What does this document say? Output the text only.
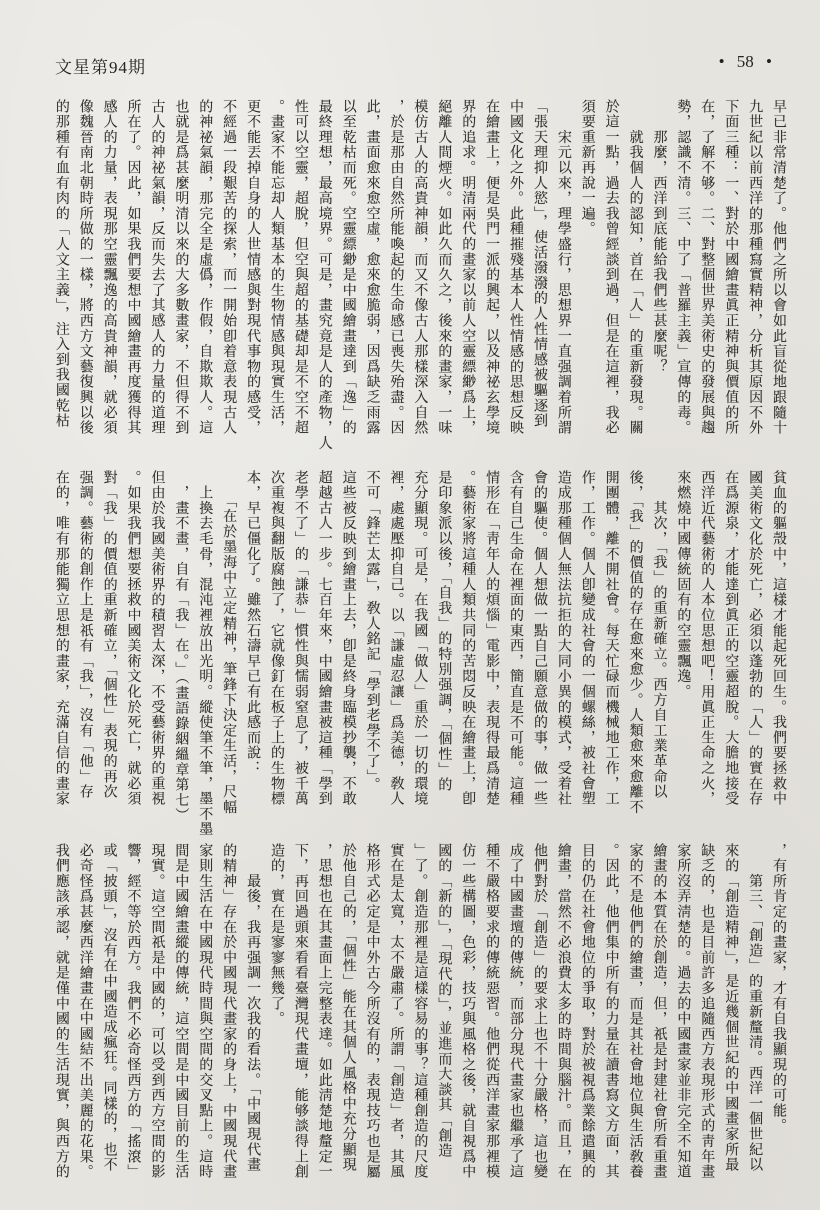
文星第94期	• 58 •
早已非常清楚了。他們之所以會如此盲從地跟隨十
九世紀以前西洋的那種寫實精神，分析其原因不外
下面三種：一、對於中國繪畫眞正精神與價值的所
在，了解不够。二、對整個世界美術史的發展與趨
勢，認識不清。三、中了「普羅主義」宣傳的毒。
　　那麼，西洋到底能給我們些甚麼呢？
　　就我個人的認知，首在「人」的重新發現。關
於這一點，過去我曾經談到過，但是在這裡，我必
須要重新再說一遍。
　　宋元以來，理學盛行，思想界一直强調着所謂
「張天理抑人慾」，使活潑潑的人性情感被驅逐到
中國文化之外。此種摧殘基本人性情感的思想反映
在繪畫上，便是吳門一派的興起，以及神祕玄學境
界的追求。明清兩代的畫家以前人空靈縹緲爲上，
絕離人間煙火。如此久而久之，後來的畫家，一味
模仿古人的高貴神韻，而又不像古人那樣深入自然
，於是那由自然所能喚起的生命感已喪失殆盡。因
此，畫面愈來愈空虛，愈來愈脆弱，因爲缺乏雨露
以至乾枯而死。空靈縹緲是中國繪畫達到「逸」的
最終理想，最高境界。可是，畫究竟是人的產物，人
性可以空靈，超脫，但空與超的基礎却是不空不超
。畫家不能忘却人類基本的生物情感與現實生活，
更不能丟掉自身的人世情感與對現代事物的感受，
不經過一段艱苦的探索，而一開始卽着意表現古人
的神祕氣韻，那完全是虛僞，作假，自欺欺人。這
也就是爲甚麼明清以來的大多數畫家，不但得不到
古人的神祕氣韻，反而失去了其感人的力量的道理
所在了。因此，如果我們要想中國繪畫再度獲得其
感人的力量，表現那空靈飄逸的高貴神韻，就必須
像魏晉南北朝時所做的一樣，將西方文藝復興以後
的那種有血有肉的「人文主義」，注入到我國乾枯
貧血的軀殼中，這樣才能起死回生。我們要拯救中
國美術文化於死亡，必須以蓬勃的「人」的實在存
在爲源泉，才能達到眞正的空靈超脫。大膽地接受
西洋近代藝術的人本位思想吧！用眞正生命之火，
來燃燒中國傳統固有的空靈飄逸。
　　其次，「我」的重新確立。西方自工業革命以
後，「我」的價值的存在愈來愈少。人類愈來愈離不
開團體，離不開社會。每天忙碌而機械地工作，工
作，工作。個人卽變成社會的一個螺絲，被社會塑
造成那種個人無法抗拒的大同小異的模式，受着社
會的驅使。個人想做一點自己願意做的事，做一些
含有自己生命在裡面的東西，簡直是不可能。這種
情形在「靑年人的煩惱」電影中，表現得最爲清楚
。藝術家將這種人類共同的苦悶反映在繪畫上，卽
是印象派以後，「自我」的特別强調，「個性」的
充分顯現。可是，在我國「做人」重於一切的環境
裡，處處壓抑自己。以「謙虛忍讓」爲美德，敎人
不可「鋒芒太露」，敎人銘記「學到老學不了」。
這些被反映到繪畫上去，卽是終身臨模抄襲，不敢
超越古人一步。七百年來，中國繪畫被這種「學到
老學不了」的「謙恭」慣性與懦弱窒息了，被千萬
次重複與翻版腐蝕了，它就像釘在板子上的生物標
本，早已僵化了。雖然石濤早已有此感而說：
　　「在於墨海中立定精神，筆鋒下決定生活，尺幅
　上換去毛骨，混沌裡放出光明。縱使筆不筆，墨不墨
　，畫不畫，自有「我」在。」（畫語錄絪縕章第七）
但由於我國美術界的積習太深，不受藝術界的重視
。如果我們想要拯救中國美術文化於死亡，就必須
對「我」的價值的重新確立，「個性」表現的再次
强調。藝術的創作上是祇有「我」，沒有「他」存
在的，唯有那能獨立思想的畫家，充滿自信的畫家
，有所肯定的畫家，才有自我顯現的可能。
　　第三、「創造」的重新釐清。西洋一個世紀以
來的「創造精神」，是近幾個世紀的中國畫家所最
缺乏的，也是目前許多追隨西方表現形式的靑年畫
家所沒弄淸楚的。過去的中國畫家並非完全不知道
繪畫的本質在於創造，但，祇是封建社會所看重畫
家的不是他們的繪畫，而是其社會地位與生活敎養
。因此，他們集中所有的力量在讀書寫文方面，其
目的仍在社會地位的爭取，對於被視爲業餘遣興的
繪畫，當然不必浪費太多的時間與腦汁。而且，在
他們對於「創造」的要求上也不十分嚴格，這也變
成了中國畫壇的傳統，而部分現代畫家也繼承了這
種不嚴格要求的傳統惡習。他們從西洋畫家那裡模
仿一些構圖，色彩，技巧與風格之後，就自視爲中
國的「新的」，「現代的」，並進而大談其「創造
」了。創造那裡是這樣容易的事？這種創造的尺度
實在是太寬，太不嚴肅了。所謂「創造」者，其風
格形式必定是中外古今所沒有的，表現技巧也是屬
於他自己的，「個性」能在其個人風格中充分顯現
，思想也在其畫面上完整表達。如此淸楚地釐定一
下，再回過頭來看看臺灣現代畫壇，能够談得上創
造的，實在是寥寥無幾了。
　　最後，我再强調一次我的看法。「中國現代畫
的精神」存在於中國現代畫家的身上，中國現代畫
家則生活在中國現代時間與空間的交叉點上。這時
間是中國繪畫縱的傳統，這空間是中國目前的生活
現實。這空間祇是中國的，可以受到西方空間的影
響，經不等於西方。我們不必奇怪西方的「搖滾」
或「披頭」，沒有在中國造成瘋狂。同樣的，也不
必奇怪爲甚麼西洋繪畫在中國結不出美麗的花果。
我們應該承認，就是僅中國的生活現實，與西方的
